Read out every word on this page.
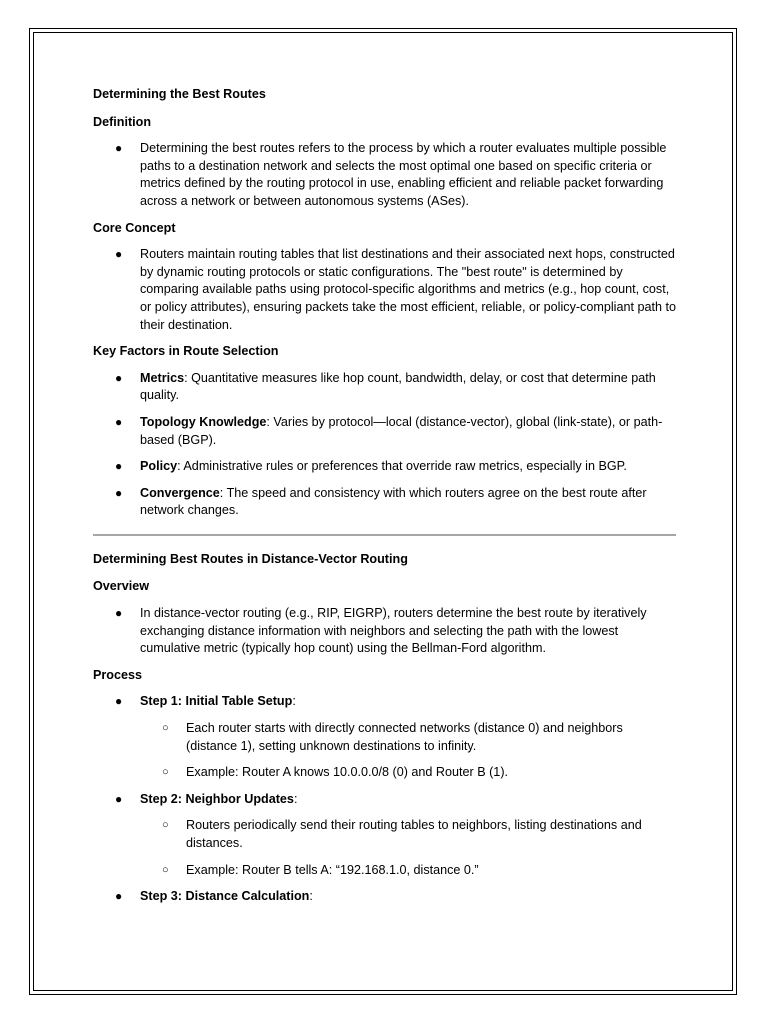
Determining the Best Routes
Definition
● Determining the best routes refers to the process by which a router evaluates multiple possible paths to a destination network and selects the most optimal one based on specific criteria or metrics defined by the routing protocol in use, enabling efficient and reliable packet forwarding across a network or between autonomous systems (ASes).
Core Concept
● Routers maintain routing tables that list destinations and their associated next hops, constructed by dynamic routing protocols or static configurations. The "best route" is determined by comparing available paths using protocol-specific algorithms and metrics (e.g., hop count, cost, or policy attributes), ensuring packets take the most efficient, reliable, or policy-compliant path to their destination.
Key Factors in Route Selection
● Metrics: Quantitative measures like hop count, bandwidth, delay, or cost that determine path quality.
● Topology Knowledge: Varies by protocol—local (distance-vector), global (link-state), or path-based (BGP).
● Policy: Administrative rules or preferences that override raw metrics, especially in BGP.
● Convergence: The speed and consistency with which routers agree on the best route after network changes.
Determining Best Routes in Distance-Vector Routing
Overview
● In distance-vector routing (e.g., RIP, EIGRP), routers determine the best route by iteratively exchanging distance information with neighbors and selecting the path with the lowest cumulative metric (typically hop count) using the Bellman-Ford algorithm.
Process
● Step 1: Initial Table Setup:
○ Each router starts with directly connected networks (distance 0) and neighbors (distance 1), setting unknown destinations to infinity.
○ Example: Router A knows 10.0.0.0/8 (0) and Router B (1).
● Step 2: Neighbor Updates:
○ Routers periodically send their routing tables to neighbors, listing destinations and distances.
○ Example: Router B tells A: “192.168.1.0, distance 0.”
● Step 3: Distance Calculation:
